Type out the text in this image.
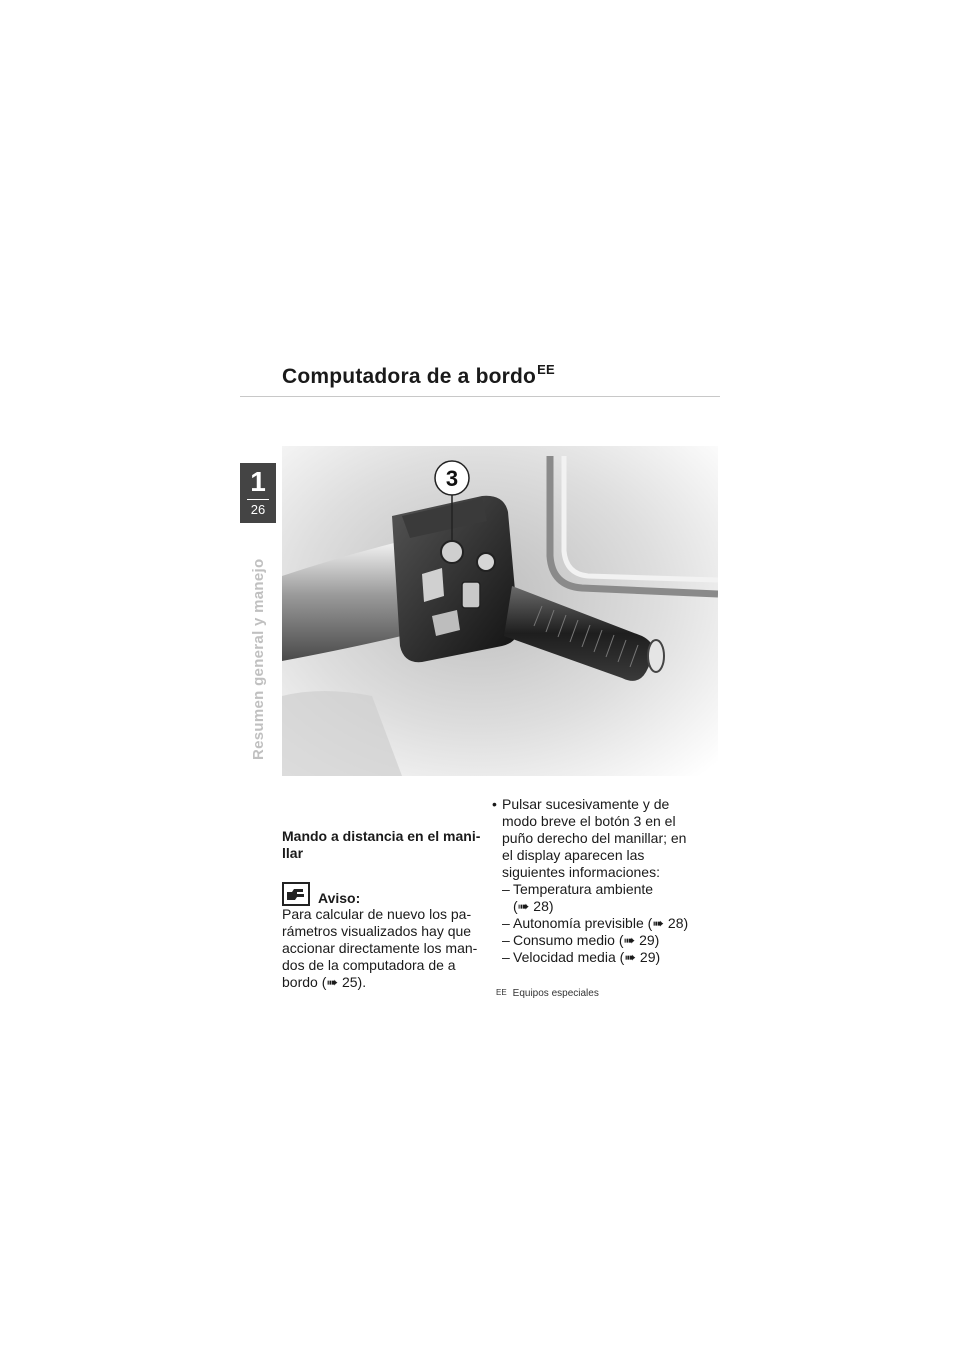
Computadora de a bordo$^{EE}$
1
26
Resumen general y manejo
3

Mando a distancia en el mani-
llar

Aviso:

Para calcular de nuevo los pa-
rámetros visualizados hay que
accionar directamente los man-
dos de la computadora de a
bordo (➠ 25).

• Pulsar sucesivamente y de
modo breve el botón 3 en el
puño derecho del manillar; en
el display aparecen las
siguientes informaciones:
– Temperatura ambiente
(➠ 28)
– Autonomía previsible (➠ 28)
– Consumo medio (➠ 29)
– Velocidad media (➠ 29)
EE Equipos especiales
